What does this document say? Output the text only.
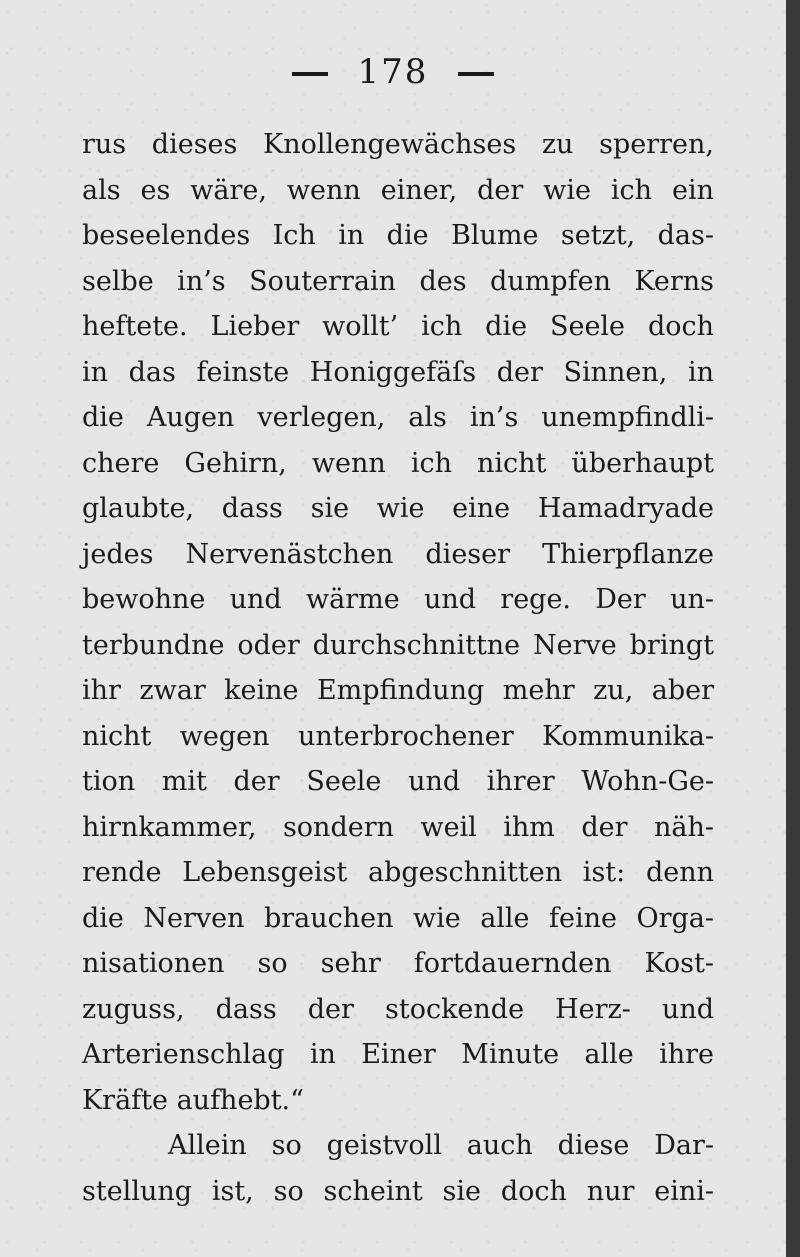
178
rus dieses Knollengewächses zu sperren,
als es wäre, wenn einer, der wie ich ein
beseelendes Ich in die Blume setzt, das-
selbe in’s Souterrain des dumpfen Kerns
heftete. Lieber wollt’ ich die Seele doch
in das feinste Honiggefäſs der Sinnen, in
die Augen verlegen, als in’s unempfindli-
chere Gehirn, wenn ich nicht überhaupt
glaubte, dass sie wie eine Hamadryade
jedes Nervenästchen dieser Thierpflanze
bewohne und wärme und rege. Der un-
terbundne oder durchschnittne Nerve bringt
ihr zwar keine Empfindung mehr zu, aber
nicht wegen unterbrochener Kommunika-
tion mit der Seele und ihrer Wohn-Ge-
hirnkammer, sondern weil ihm der näh-
rende Lebensgeist abgeschnitten ist: denn
die Nerven brauchen wie alle feine Orga-
nisationen so sehr fortdauernden Kost-
zuguss, dass der stockende Herz- und
Arterienschlag in Einer Minute alle ihre
Kräfte aufhebt.“
Allein so geistvoll auch diese Dar-
stellung ist, so scheint sie doch nur eini-
